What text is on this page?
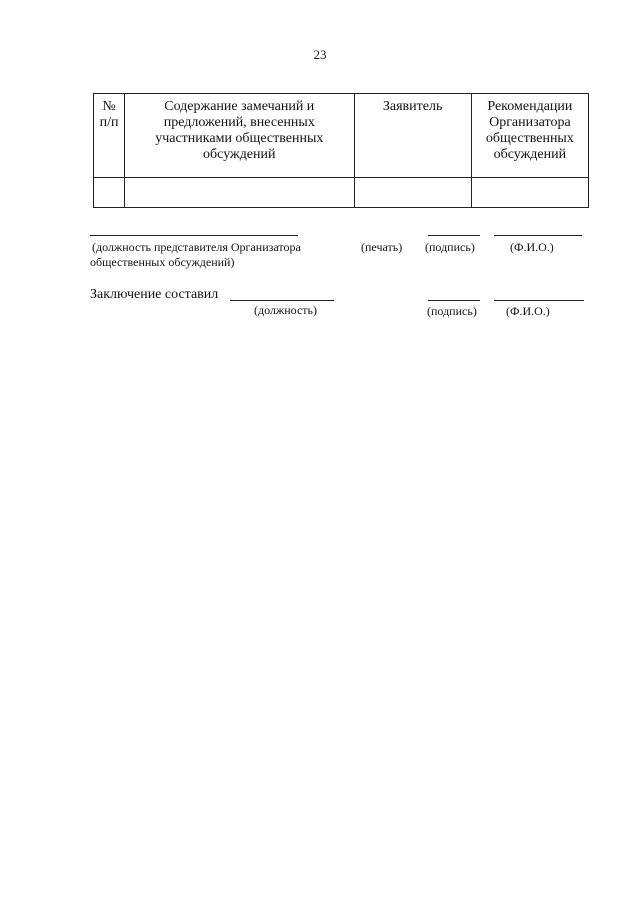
23
№ п/п	Содержание замечаний и предложений, внесенных участниками общественных обсуждений	Заявитель	Рекомендации Организатора общественных обсуждений

(должность представителя Организатора
общественных обсуждений)
(печать) (подпись)	(Ф.И.О.)
Заключение составил
(должность)	(подпись) (Ф.И.О.)
